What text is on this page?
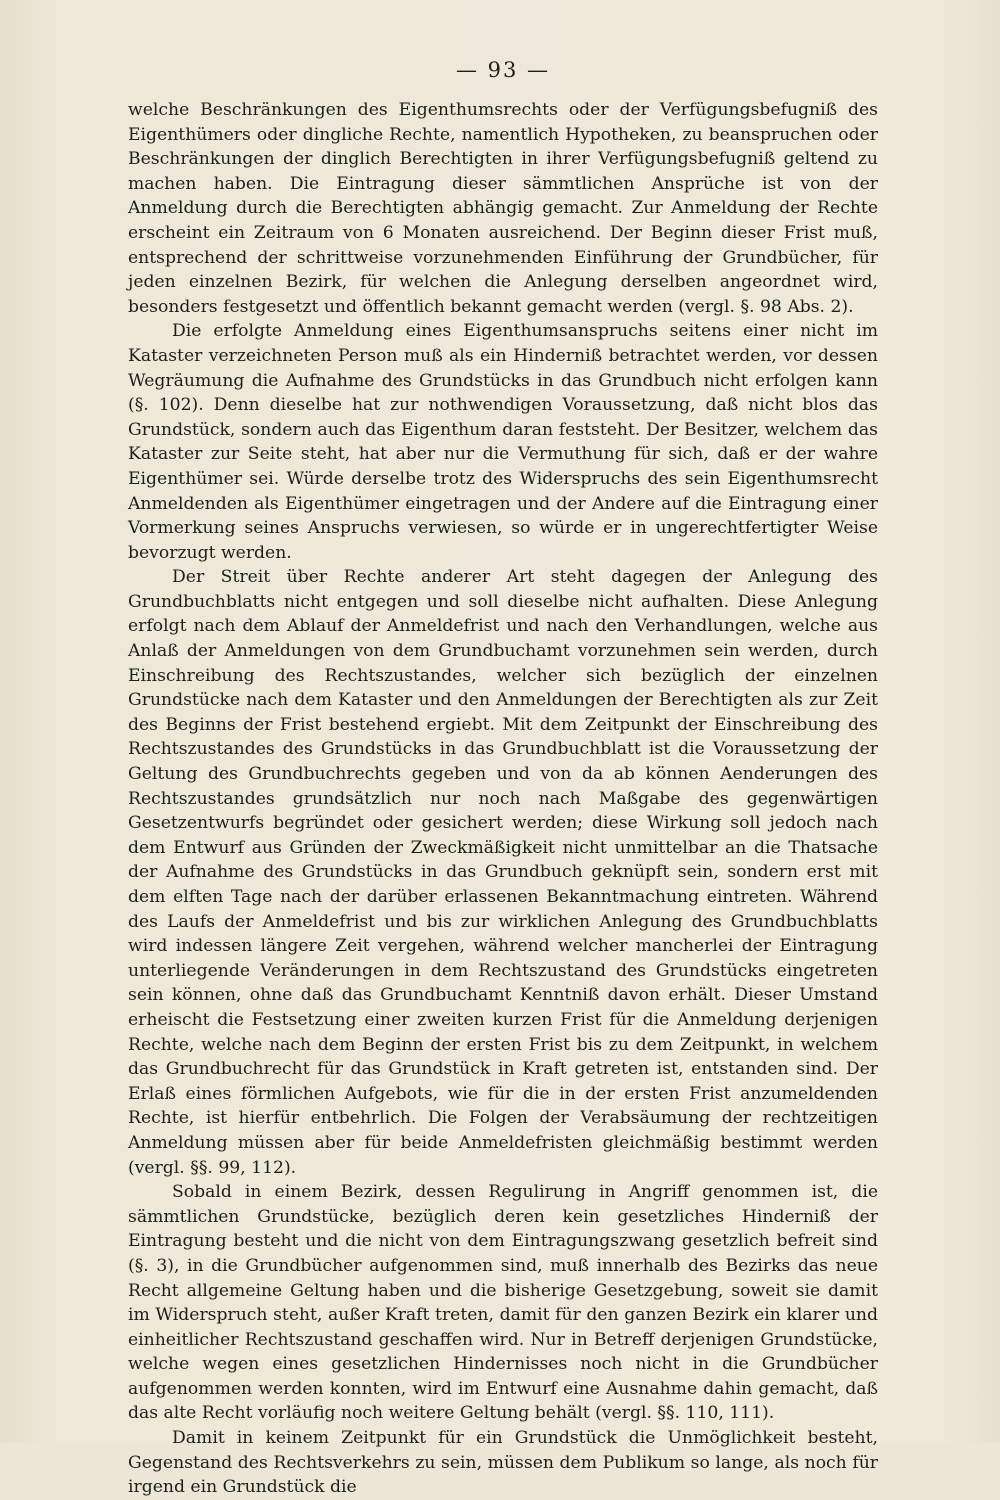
— 93 —

welche Beschränkungen des Eigenthumsrechts oder der Verfügungsbefugniß des Eigenthümers oder dingliche Rechte, namentlich Hypotheken, zu beanspruchen oder Beschränkungen der dinglich Berechtigten in ihrer Verfügungsbefugniß geltend zu machen haben. Die Eintragung dieser sämmtlichen Ansprüche ist von der Anmeldung durch die Berechtigten abhängig gemacht. Zur Anmeldung der Rechte erscheint ein Zeitraum von 6 Monaten ausreichend. Der Beginn dieser Frist muß, entsprechend der schrittweise vorzunehmenden Einführung der Grundbücher, für jeden einzelnen Bezirk, für welchen die Anlegung derselben angeordnet wird, besonders festgesetzt und öffentlich bekannt gemacht werden (vergl. §. 98 Abs. 2).

Die erfolgte Anmeldung eines Eigenthumsanspruchs seitens einer nicht im Kataster verzeichneten Person muß als ein Hinderniß betrachtet werden, vor dessen Wegräumung die Aufnahme des Grundstücks in das Grundbuch nicht erfolgen kann (§. 102). Denn dieselbe hat zur nothwendigen Voraussetzung, daß nicht blos das Grundstück, sondern auch das Eigenthum daran feststeht. Der Besitzer, welchem das Kataster zur Seite steht, hat aber nur die Vermuthung für sich, daß er der wahre Eigenthümer sei. Würde derselbe trotz des Widerspruchs des sein Eigenthumsrecht Anmeldenden als Eigenthümer eingetragen und der Andere auf die Eintragung einer Vormerkung seines Anspruchs verwiesen, so würde er in ungerechtfertigter Weise bevorzugt werden.

Der Streit über Rechte anderer Art steht dagegen der Anlegung des Grundbuchblatts nicht entgegen und soll dieselbe nicht aufhalten. Diese Anlegung erfolgt nach dem Ablauf der Anmeldefrist und nach den Verhandlungen, welche aus Anlaß der Anmeldungen von dem Grundbuchamt vorzunehmen sein werden, durch Einschreibung des Rechtszustandes, welcher sich bezüglich der einzelnen Grundstücke nach dem Kataster und den Anmeldungen der Berechtigten als zur Zeit des Beginns der Frist bestehend ergiebt. Mit dem Zeitpunkt der Einschreibung des Rechtszustandes des Grundstücks in das Grundbuchblatt ist die Voraussetzung der Geltung des Grundbuchrechts gegeben und von da ab können Aenderungen des Rechtszustandes grundsätzlich nur noch nach Maßgabe des gegenwärtigen Gesetzentwurfs begründet oder gesichert werden; diese Wirkung soll jedoch nach dem Entwurf aus Gründen der Zweckmäßigkeit nicht unmittelbar an die Thatsache der Aufnahme des Grundstücks in das Grundbuch geknüpft sein, sondern erst mit dem elften Tage nach der darüber erlassenen Bekanntmachung eintreten. Während des Laufs der Anmeldefrist und bis zur wirklichen Anlegung des Grundbuchblatts wird indessen längere Zeit vergehen, während welcher mancherlei der Eintragung unterliegende Veränderungen in dem Rechtszustand des Grundstücks eingetreten sein können, ohne daß das Grundbuchamt Kenntniß davon erhält. Dieser Umstand erheischt die Festsetzung einer zweiten kurzen Frist für die Anmeldung derjenigen Rechte, welche nach dem Beginn der ersten Frist bis zu dem Zeitpunkt, in welchem das Grundbuchrecht für das Grundstück in Kraft getreten ist, entstanden sind. Der Erlaß eines förmlichen Aufgebots, wie für die in der ersten Frist anzumeldenden Rechte, ist hierfür entbehrlich. Die Folgen der Verabsäumung der rechtzeitigen Anmeldung müssen aber für beide Anmeldefristen gleichmäßig bestimmt werden (vergl. §§. 99, 112).

Sobald in einem Bezirk, dessen Regulirung in Angriff genommen ist, die sämmtlichen Grundstücke, bezüglich deren kein gesetzliches Hinderniß der Eintragung besteht und die nicht von dem Eintragungszwang gesetzlich befreit sind (§. 3), in die Grundbücher aufgenommen sind, muß innerhalb des Bezirks das neue Recht allgemeine Geltung haben und die bisherige Gesetzgebung, soweit sie damit im Widerspruch steht, außer Kraft treten, damit für den ganzen Bezirk ein klarer und einheitlicher Rechtszustand geschaffen wird. Nur in Betreff derjenigen Grundstücke, welche wegen eines gesetzlichen Hindernisses noch nicht in die Grundbücher aufgenommen werden konnten, wird im Entwurf eine Ausnahme dahin gemacht, daß das alte Recht vorläufig noch weitere Geltung behält (vergl. §§. 110, 111).

Damit in keinem Zeitpunkt für ein Grundstück die Unmöglichkeit besteht, Gegenstand des Rechtsverkehrs zu sein, müssen dem Publikum so lange, als noch für irgend ein Grundstück die
